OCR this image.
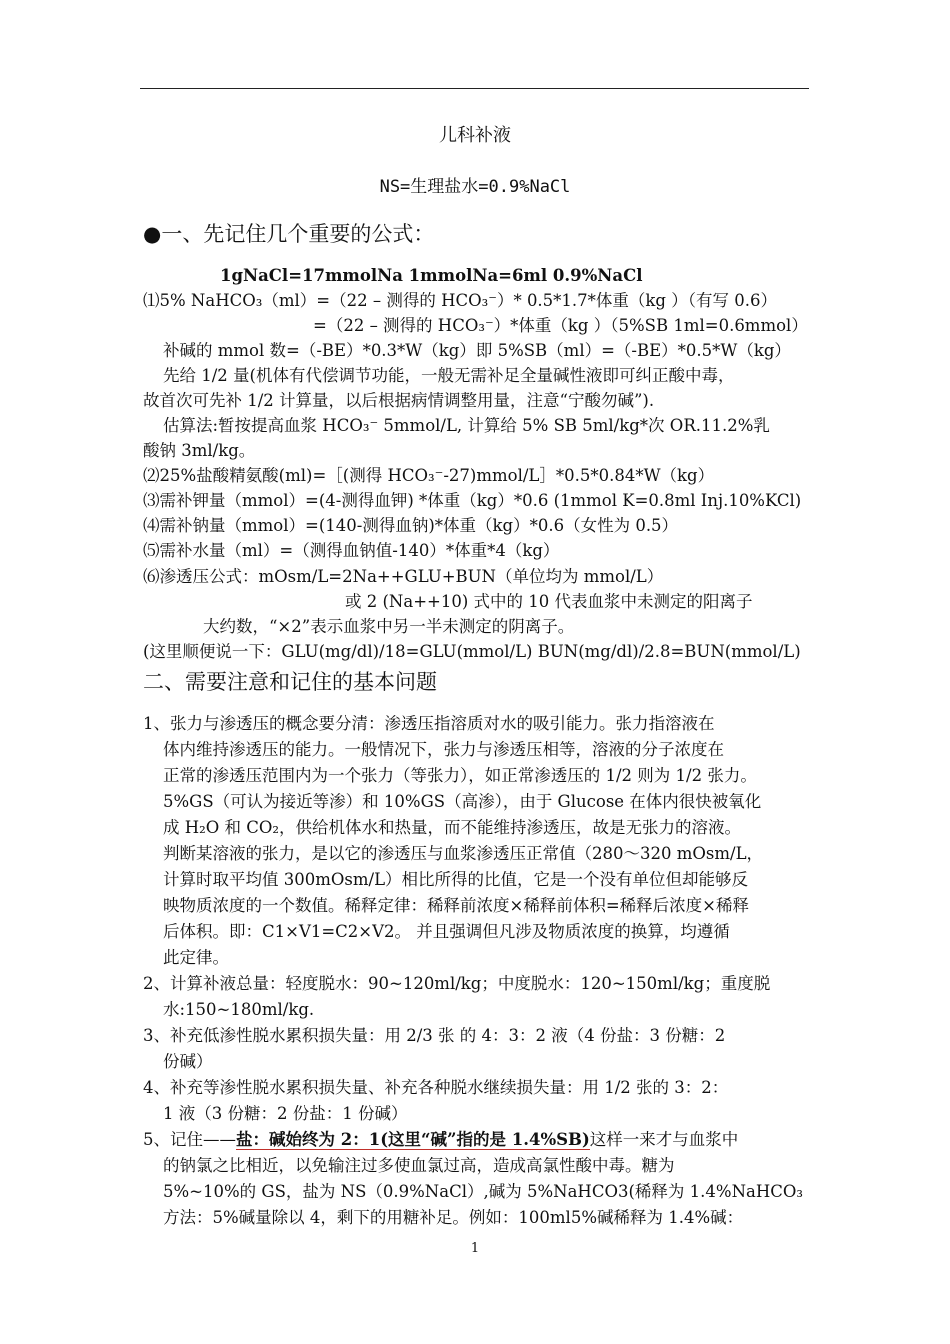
儿科补液
NS=生理盐水=0.9%NaCl
●一、先记住几个重要的公式：
1gNaCl=17mmolNa 1mmolNa=6ml 0.9%NaCl
⑴5% NaHCO₃（ml）=（22 – 测得的 HCO₃⁻）* 0.5*1.7*体重（kg ）（有写 0.6）
=（22 – 测得的 HCO₃⁻）*体重（kg ）（5%SB 1ml=0.6mmol）
补碱的 mmol 数=（-BE）*0.3*W（kg）即 5%SB（ml）=（-BE）*0.5*W（kg）
先给 1/2 量(机体有代偿调节功能，一般无需补足全量碱性液即可纠正酸中毒，
故首次可先补 1/2 计算量，以后根据病情调整用量，注意“宁酸勿碱”).
估算法:暂按提高血浆 HCO₃⁻ 5mmol/L, 计算给 5% SB 5ml/kg*次 OR.11.2%乳
酸钠 3ml/kg。
⑵25%盐酸精氨酸(ml)=［(测得 HCO₃⁻-27)mmol/L］*0.5*0.84*W（kg）
⑶需补钾量（mmol）=(4-测得血钾) *体重（kg）*0.6 (1mmol K=0.8ml Inj.10%KCl)
⑷需补钠量（mmol）=(140-测得血钠)*体重（kg）*0.6（女性为 0.5）
⑸需补水量（ml）=（测得血钠值-140）*体重*4（kg）
⑹渗透压公式：mOsm/L=2Na++GLU+BUN（单位均为 mmol/L）
或 2 (Na++10) 式中的 10 代表血浆中未测定的阳离子
大约数，“×2”表示血浆中另一半未测定的阴离子。
(这里顺便说一下：GLU(mg/dl)/18=GLU(mmol/L) BUN(mg/dl)/2.8=BUN(mmol/L)
二、需要注意和记住的基本问题
1、张力与渗透压的概念要分清：渗透压指溶质对水的吸引能力。张力指溶液在
体内维持渗透压的能力。一般情况下，张力与渗透压相等，溶液的分子浓度在
正常的渗透压范围内为一个张力（等张力），如正常渗透压的 1/2 则为 1/2 张力。
5%GS（可认为接近等渗）和 10%GS（高渗），由于 Glucose 在体内很快被氧化
成 H₂O 和 CO₂，供给机体水和热量，而不能维持渗透压，故是无张力的溶液。
判断某溶液的张力，是以它的渗透压与血浆渗透压正常值（280～320 mOsm/L，
计算时取平均值 300mOsm/L）相比所得的比值，它是一个没有单位但却能够反
映物质浓度的一个数值。稀释定律：稀释前浓度×稀释前体积=稀释后浓度×稀释
后体积。即：C1×V1=C2×V2。 并且强调但凡涉及物质浓度的换算，均遵循
此定律。
2、计算补液总量：轻度脱水：90~120ml/kg；中度脱水：120~150ml/kg；重度脱
水:150~180ml/kg.
3、补充低渗性脱水累积损失量：用 2/3 张 的 4：3：2 液（4 份盐：3 份糖：2
份碱）
4、补充等渗性脱水累积损失量、补充各种脱水继续损失量：用 1/2 张的 3：2：
1 液（3 份糖：2 份盐：1 份碱）
5、记住——盐：碱始终为 2：1(这里“碱”指的是 1.4%SB)这样一来才与血浆中
的钠氯之比相近，以免输注过多使血氯过高，造成高氯性酸中毒。糖为
5%~10%的 GS，盐为 NS（0.9%NaCl）,碱为 5%NaHCO3(稀释为 1.4%NaHCO₃
方法：5%碱量除以 4，剩下的用糖补足。例如：100ml5%碱稀释为 1.4%碱：
1
